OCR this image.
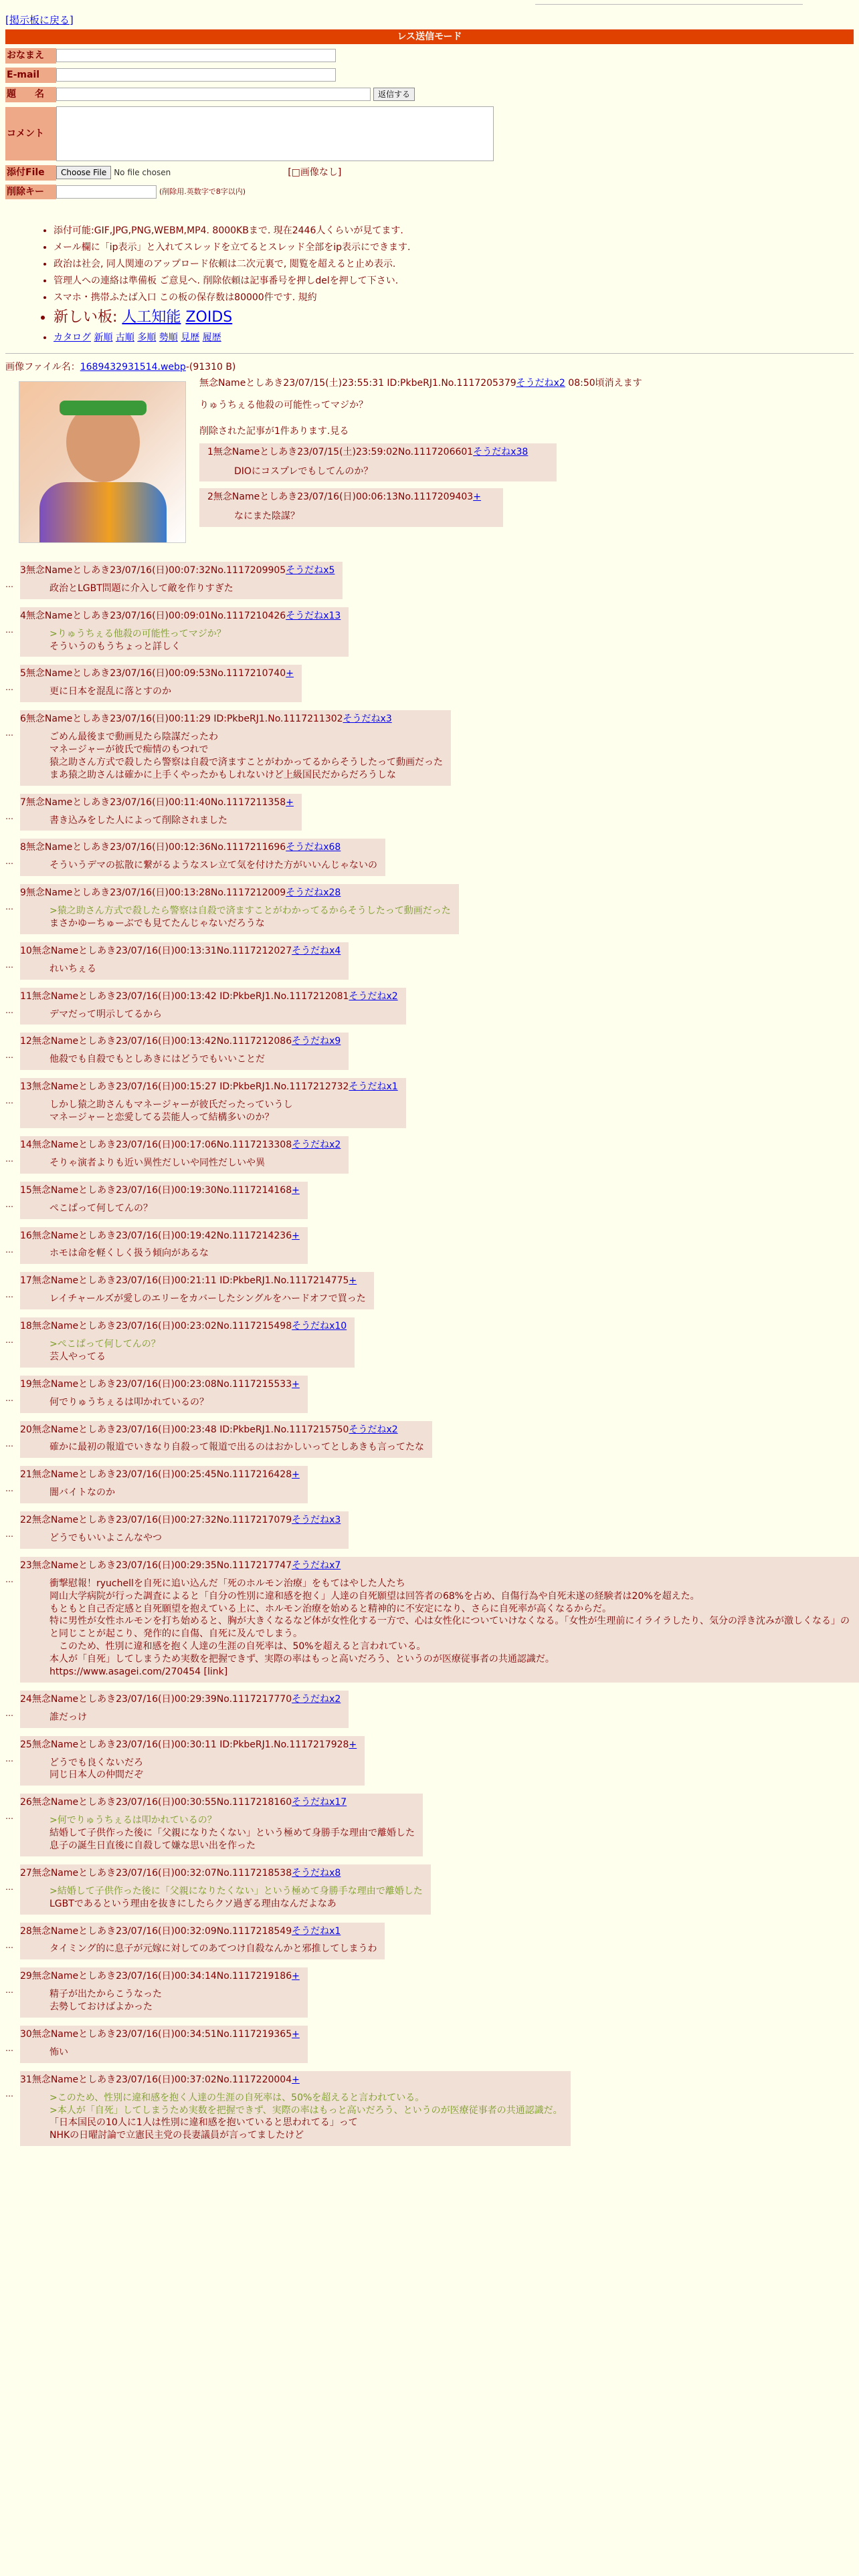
[掲示板に戻る]
レス送信モード
おなまえ
E-mail
題　　名	返信する
コメント
添付File	Choose File No file chosen	[□画像なし]
削除キー	(削除用.英数字で8字以内)
• 添付可能:GIF,JPG,PNG,WEBM,MP4. 8000KBまで. 現在2446人くらいが見てます.
• メール欄に「ip表示」と入れてスレッドを立てるとスレッド全部をip表示にできます.
• 政治は社会, 同人関連のアップロード依頼は二次元裏で, 閲覧を超えると止め表示.
• 管理人への連絡は準備板 ご意見へ. 削除依頼は記事番号を押しdelを押して下さい.
• スマホ・携帯ふたば入口 この板の保存数は80000件です. 規約
• 新しい板: 人工知能 ZOIDS
• カタログ 新順 古順 多順 勢順 見歴 履歴
画像ファイル名：1689432931514.webp-(91310 B)
無念Nameとしあき23/07/15(土)23:55:31 ID:PkbeRJ1.No.1117205379そうだねx2 08:50頃消えます
りゅうちぇる他殺の可能性ってマジか？
削除された記事が1件あります.見る
1無念Nameとしあき23/07/15(土)23:59:02No.1117206601そうだねx38
DIOにコスプレでもしてんのか？

2無念Nameとしあき23/07/16(日)00:06:13No.1117209403+
なにまた陰謀？
…
3無念Nameとしあき23/07/16(日)00:07:32No.1117209905そうだねx5
政治とLGBT問題に介入して敵を作りすぎた
…
4無念Nameとしあき23/07/16(日)00:09:01No.1117210426そうだねx13
>りゅうちぇる他殺の可能性ってマジか？
そういうのもうちょっと詳しく
…
5無念Nameとしあき23/07/16(日)00:09:53No.1117210740+
更に日本を混乱に落とすのか
…
6無念Nameとしあき23/07/16(日)00:11:29 ID:PkbeRJ1.No.1117211302そうだねx3
ごめん最後まで動画見たら陰謀だったわ
マネージャーが彼氏で痴情のもつれで
猿之助さん方式で殺したら警察は自殺で済ますことがわかってるからそうしたって動画だった
まあ猿之助さんは確かに上手くやったかもしれないけど上級国民だからだろうしな
…
7無念Nameとしあき23/07/16(日)00:11:40No.1117211358+
書き込みをした人によって削除されました
…
8無念Nameとしあき23/07/16(日)00:12:36No.1117211696そうだねx68
そういうデマの拡散に繋がるようなスレ立て気を付けた方がいいんじゃないの
…
9無念Nameとしあき23/07/16(日)00:13:28No.1117212009そうだねx28
>猿之助さん方式で殺したら警察は自殺で済ますことがわかってるからそうしたって動画だった
まさかゆーちゅーぶでも見てたんじゃないだろうな
…
10無念Nameとしあき23/07/16(日)00:13:31No.1117212027そうだねx4
れいちぇる
…
11無念Nameとしあき23/07/16(日)00:13:42 ID:PkbeRJ1.No.1117212081そうだねx2
デマだって明示してるから
…
12無念Nameとしあき23/07/16(日)00:13:42No.1117212086そうだねx9
他殺でも自殺でもとしあきにはどうでもいいことだ
…
13無念Nameとしあき23/07/16(日)00:15:27 ID:PkbeRJ1.No.1117212732そうだねx1
しかし猿之助さんもマネージャーが彼氏だったっていうし
マネージャーと恋愛してる芸能人って結構多いのか？
…
14無念Nameとしあき23/07/16(日)00:17:06No.1117213308そうだねx2
そりゃ演者よりも近い異性だしいや同性だしいや異
…
15無念Nameとしあき23/07/16(日)00:19:30No.1117214168+
ぺこぱって何してんの？
…
16無念Nameとしあき23/07/16(日)00:19:42No.1117214236+
ホモは命を軽くしく扱う傾向があるな
…
17無念Nameとしあき23/07/16(日)00:21:11 ID:PkbeRJ1.No.1117214775+
レイチャールズが愛しのエリーをカバーしたシングルをハードオフで買った
…
18無念Nameとしあき23/07/16(日)00:23:02No.1117215498そうだねx10
>ぺこぱって何してんの？
芸人やってる
…
19無念Nameとしあき23/07/16(日)00:23:08No.1117215533+
何でりゅうちぇるは叩かれているの？
…
20無念Nameとしあき23/07/16(日)00:23:48 ID:PkbeRJ1.No.1117215750そうだねx2
確かに最初の報道でいきなり自殺って報道で出るのはおかしいってとしあきも言ってたな
…
21無念Nameとしあき23/07/16(日)00:25:45No.1117216428+
闇バイトなのか
…
22無念Nameとしあき23/07/16(日)00:27:32No.1117217079そうだねx3
どうでもいいよこんなやつ
…
23無念Nameとしあき23/07/16(日)00:29:35No.1117217747そうだねx7
衝撃慰報！ryuchellを自死に追い込んだ「死のホルモン治療」をもてはやした人たち
岡山大学病院が行った調査によると「自分の性別に違和感を抱く」人達の自死願望は回答者の68%を占め、自傷行為や自死未遂の経験者は20%を超えた。
もともと自己否定感と自死願望を抱えている上に、ホルモン治療を始めると精神的に不安定になり、さらに自死率が高くなるからだ。
特に男性が女性ホルモンを打ち始めると、胸が大きくなるなど体が女性化する一方で、心は女性化についていけなくなる。「女性が生理前にイライラしたり、気分の浮き沈みが激しくなる」のと同じことが起こり、発作的に自傷、自死に及んでしまう。
　このため、性別に違和感を抱く人達の生涯の自死率は、50%を超えると言われている。
本人が「自死」してしまうため実数を把握できず、実際の率はもっと高いだろう、というのが医療従事者の共通認識だ。
https://www.asagei.com/270454 [link]
…
24無念Nameとしあき23/07/16(日)00:29:39No.1117217770そうだねx2
誰だっけ
…
25無念Nameとしあき23/07/16(日)00:30:11 ID:PkbeRJ1.No.1117217928+
どうでも良くないだろ
同じ日本人の仲間だぞ
…
26無念Nameとしあき23/07/16(日)00:30:55No.1117218160そうだねx17
>何でりゅうちぇるは叩かれているの？
結婚して子供作った後に「父親になりたくない」という極めて身勝手な理由で離婚した
息子の誕生日直後に自殺して嫌な思い出を作った
…
27無念Nameとしあき23/07/16(日)00:32:07No.1117218538そうだねx8
>結婚して子供作った後に「父親になりたくない」という極めて身勝手な理由で離婚した
LGBTであるという理由を抜きにしたらクソ過ぎる理由なんだよなあ
…
28無念Nameとしあき23/07/16(日)00:32:09No.1117218549そうだねx1
タイミング的に息子が元嫁に対してのあてつけ自殺なんかと邪推してしまうわ
…
29無念Nameとしあき23/07/16(日)00:34:14No.1117219186+
精子が出たからこうなった
去勢しておけばよかった
…
30無念Nameとしあき23/07/16(日)00:34:51No.1117219365+
怖い
…
31無念Nameとしあき23/07/16(日)00:37:02No.1117220004+
>このため、性別に違和感を抱く人達の生涯の自死率は、50%を超えると言われている。
>本人が「自死」してしまうため実数を把握できず、実際の率はもっと高いだろう、というのが医療従事者の共通認識だ。
「日本国民の10人に1人は性別に違和感を抱いていると思われてる」って
NHKの日曜討論で立憲民主党の長妻議員が言ってましたけど
